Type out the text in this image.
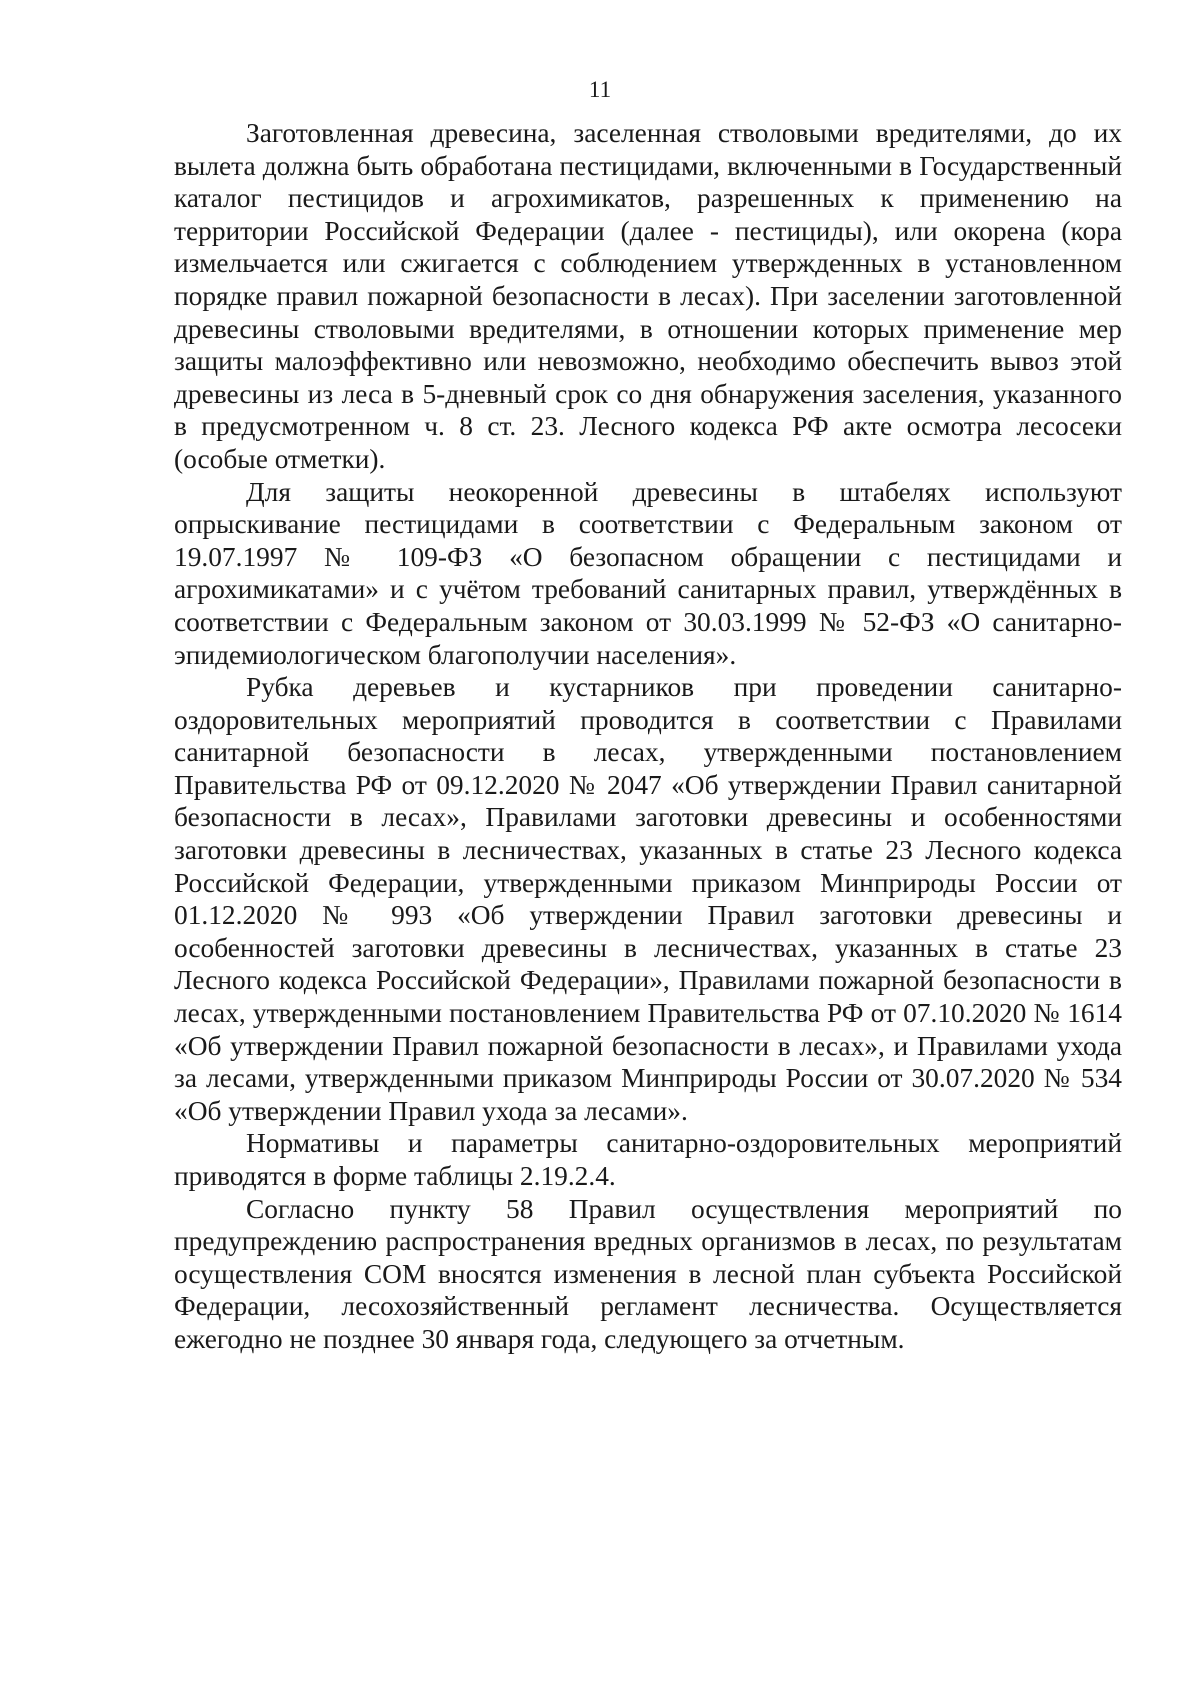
11

Заготовленная древесина, заселенная стволовыми вредителями, до их вылета должна быть обработана пестицидами, включенными в Государственный каталог пестицидов и агрохимикатов, разрешенных к применению на территории Российской Федерации (далее - пестициды), или окорена (кора измельчается или сжигается с соблюдением утвержденных в установленном порядке правил пожарной безопасности в лесах). При заселении заготовленной древесины стволовыми вредителями, в отношении которых применение мер защиты малоэффективно или невозможно, необходимо обеспечить вывоз этой древесины из леса в 5-дневный срок со дня обнаружения заселения, указанного в предусмотренном ч. 8 ст. 23. Лесного кодекса РФ акте осмотра лесосеки (особые отметки).

Для защиты неокоренной древесины в штабелях используют опрыскивание пестицидами в соответствии с Федеральным законом от 19.07.1997 № 109-ФЗ «О безопасном обращении с пестицидами и агрохимикатами» и с учётом требований санитарных правил, утверждённых в соответствии с Федеральным законом от 30.03.1999 № 52-ФЗ «О санитарно-эпидемиологическом благополучии населения».

Рубка деревьев и кустарников при проведении санитарно-оздоровительных мероприятий проводится в соответствии с Правилами санитарной безопасности в лесах, утвержденными постановлением Правительства РФ от 09.12.2020 № 2047 «Об утверждении Правил санитарной безопасности в лесах», Правилами заготовки древесины и особенностями заготовки древесины в лесничествах, указанных в статье 23 Лесного кодекса Российской Федерации, утвержденными приказом Минприроды России от 01.12.2020 № 993 «Об утверждении Правил заготовки древесины и особенностей заготовки древесины в лесничествах, указанных в статье 23 Лесного кодекса Российской Федерации», Правилами пожарной безопасности в лесах, утвержденными постановлением Правительства РФ от 07.10.2020 № 1614 «Об утверждении Правил пожарной безопасности в лесах», и Правилами ухода за лесами, утвержденными приказом Минприроды России от 30.07.2020 № 534 «Об утверждении Правил ухода за лесами».

Нормативы и параметры санитарно-оздоровительных мероприятий приводятся в форме таблицы 2.19.2.4.

Согласно пункту 58 Правил осуществления мероприятий по предупреждению распространения вредных организмов в лесах, по результатам осуществления СОМ вносятся изменения в лесной план субъекта Российской Федерации, лесохозяйственный регламент лесничества. Осуществляется ежегодно не позднее 30 января года, следующего за отчетным.
